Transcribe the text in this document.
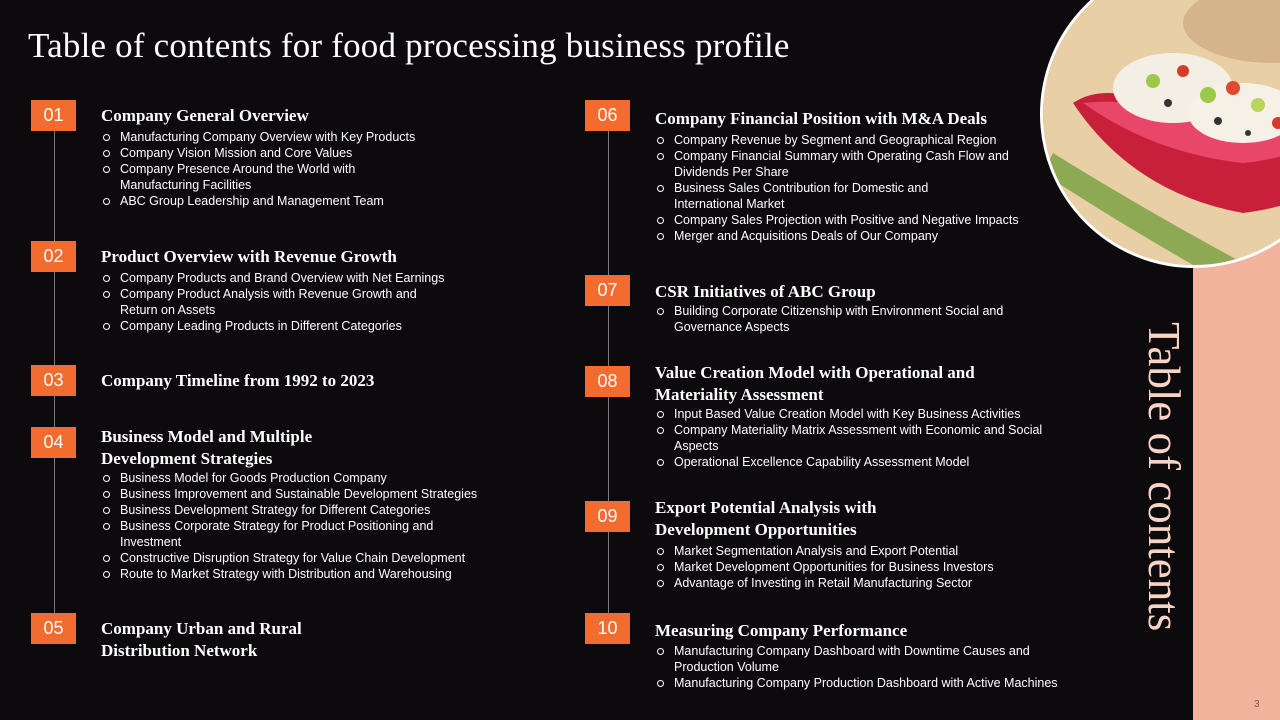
Table of contents for food processing business profile
Table of contents
3
01	Company General Overview
Manufacturing Company Overview with Key Products
Company Vision Mission and Core Values
Company Presence Around the World with Manufacturing Facilities
ABC Group Leadership and Management Team
02	Product Overview with Revenue Growth
Company Products and Brand Overview with Net Earnings
Company Product Analysis with Revenue Growth and Return on Assets
Company Leading Products in Different Categories
03	Company Timeline from 1992 to 2023
04	Business Model and Multiple Development Strategies
Business Model for Goods Production Company
Business Improvement and Sustainable Development Strategies
Business Development Strategy for Different Categories
Business Corporate Strategy for Product Positioning and Investment
Constructive Disruption Strategy for Value Chain Development
Route to Market Strategy with Distribution and Warehousing
05	Company Urban and Rural Distribution Network
06	Company Financial Position with M&A Deals
Company Revenue by Segment and Geographical Region
Company Financial Summary with Operating Cash Flow and Dividends Per Share
Business Sales Contribution for Domestic and International Market
Company Sales Projection with Positive and Negative Impacts
Merger and Acquisitions Deals of Our Company
07	CSR Initiatives of ABC Group
Building Corporate Citizenship with Environment Social and Governance Aspects
08	Value Creation Model with Operational and Materiality Assessment
Input Based Value Creation Model with Key Business Activities
Company Materiality Matrix Assessment with Economic and Social Aspects
Operational Excellence Capability Assessment Model
09	Export Potential Analysis with Development Opportunities
Market Segmentation Analysis and Export Potential
Market Development Opportunities for Business Investors
Advantage of Investing in Retail Manufacturing Sector
10	Measuring Company Performance
Manufacturing Company Dashboard with Downtime Causes and Production Volume
Manufacturing Company Production Dashboard with Active Machines
